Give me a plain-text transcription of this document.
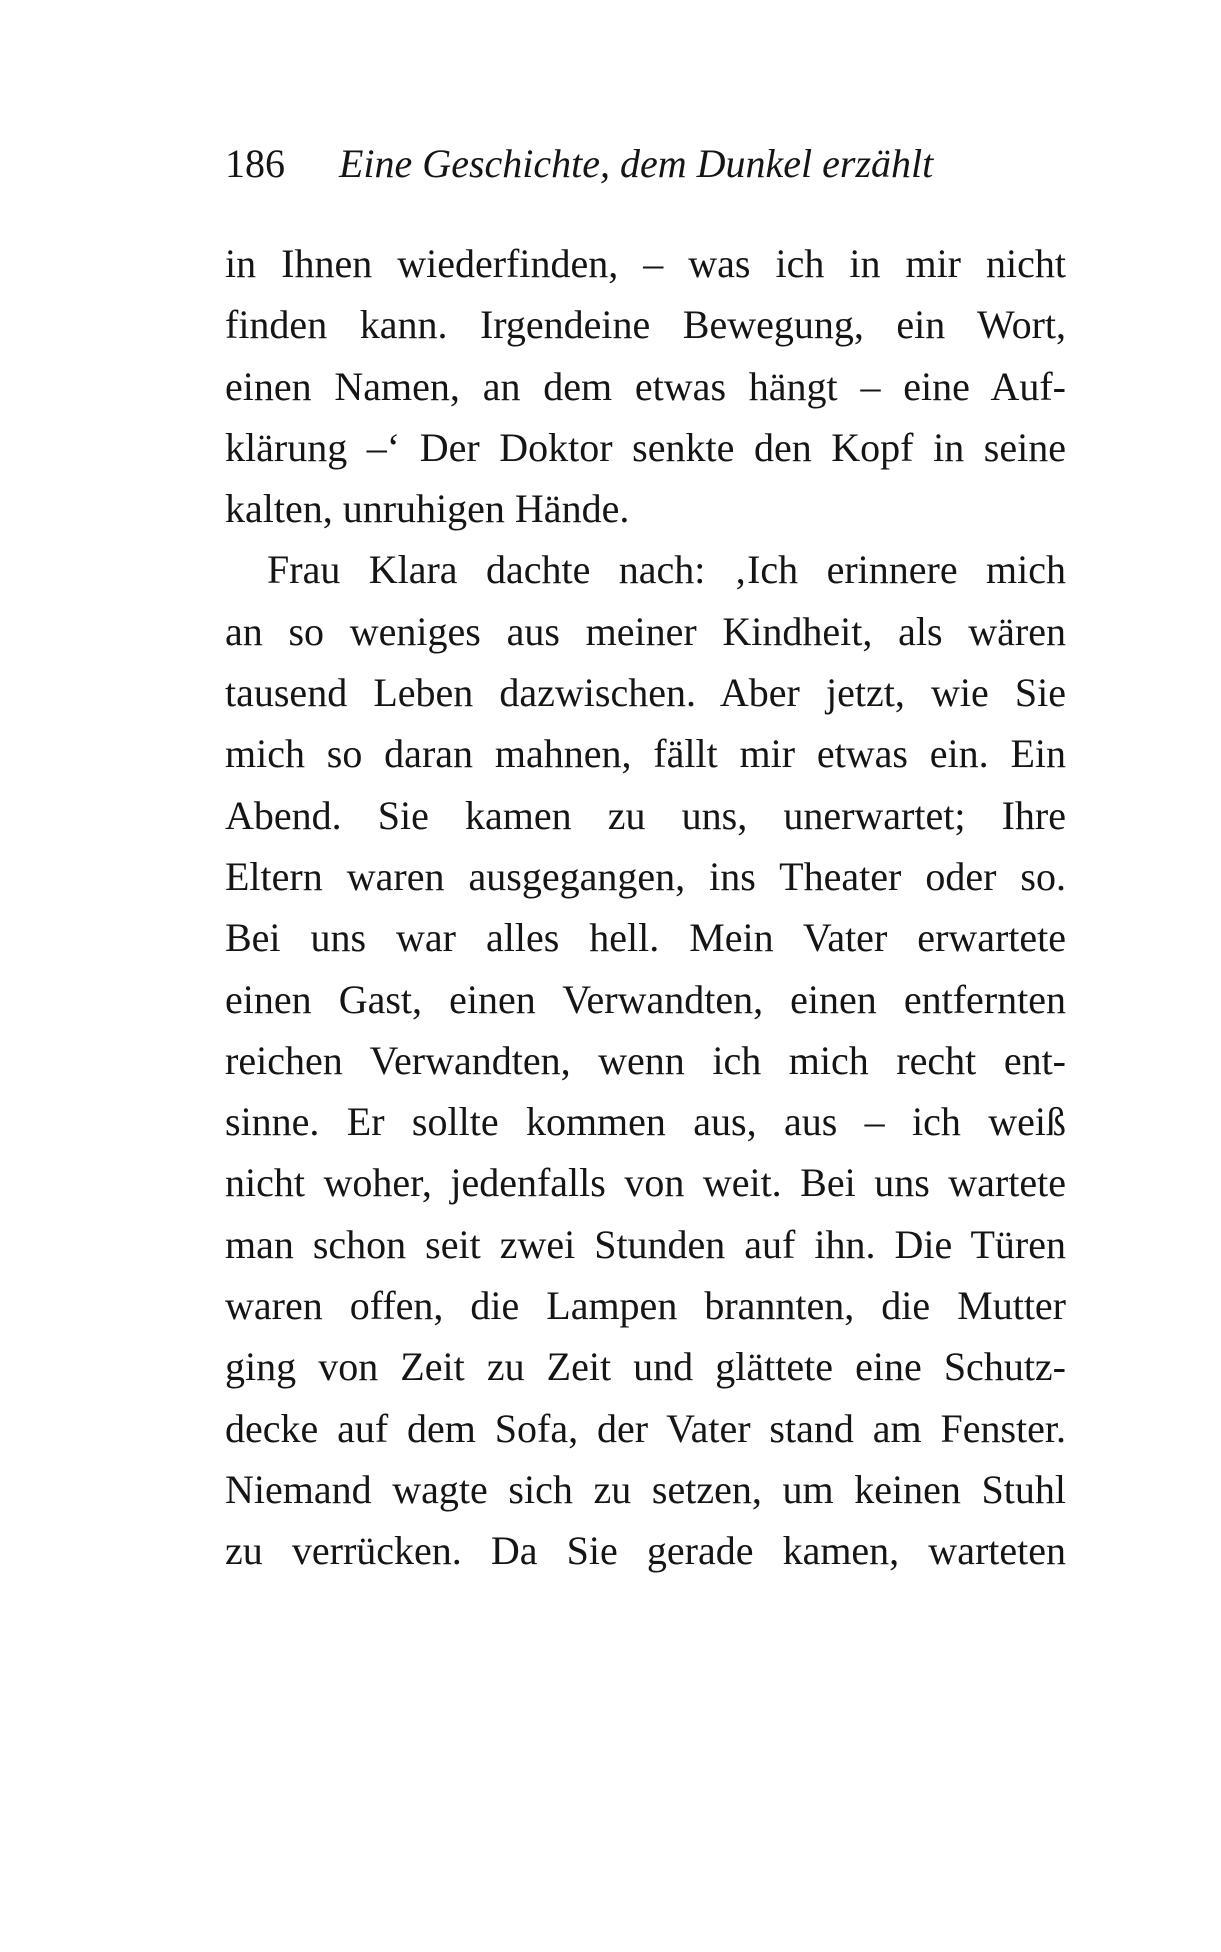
186 Eine Geschichte, dem Dunkel erzählt
in Ihnen wiederfinden, – was ich in mir nicht
finden kann. Irgendeine Bewegung, ein Wort,
einen Namen, an dem etwas hängt – eine Auf-
klärung –‘ Der Doktor senkte den Kopf in seine
kalten, unruhigen Hände.
Frau Klara dachte nach: ‚Ich erinnere mich
an so weniges aus meiner Kindheit, als wären
tausend Leben dazwischen. Aber jetzt, wie Sie
mich so daran mahnen, fällt mir etwas ein. Ein
Abend. Sie kamen zu uns, unerwartet; Ihre
Eltern waren ausgegangen, ins Theater oder so.
Bei uns war alles hell. Mein Vater erwartete
einen Gast, einen Verwandten, einen entfernten
reichen Verwandten, wenn ich mich recht ent-
sinne. Er sollte kommen aus, aus – ich weiß
nicht woher, jedenfalls von weit. Bei uns wartete
man schon seit zwei Stunden auf ihn. Die Türen
waren offen, die Lampen brannten, die Mutter
ging von Zeit zu Zeit und glättete eine Schutz-
decke auf dem Sofa, der Vater stand am Fenster.
Niemand wagte sich zu setzen, um keinen Stuhl
zu verrücken. Da Sie gerade kamen, warteten
